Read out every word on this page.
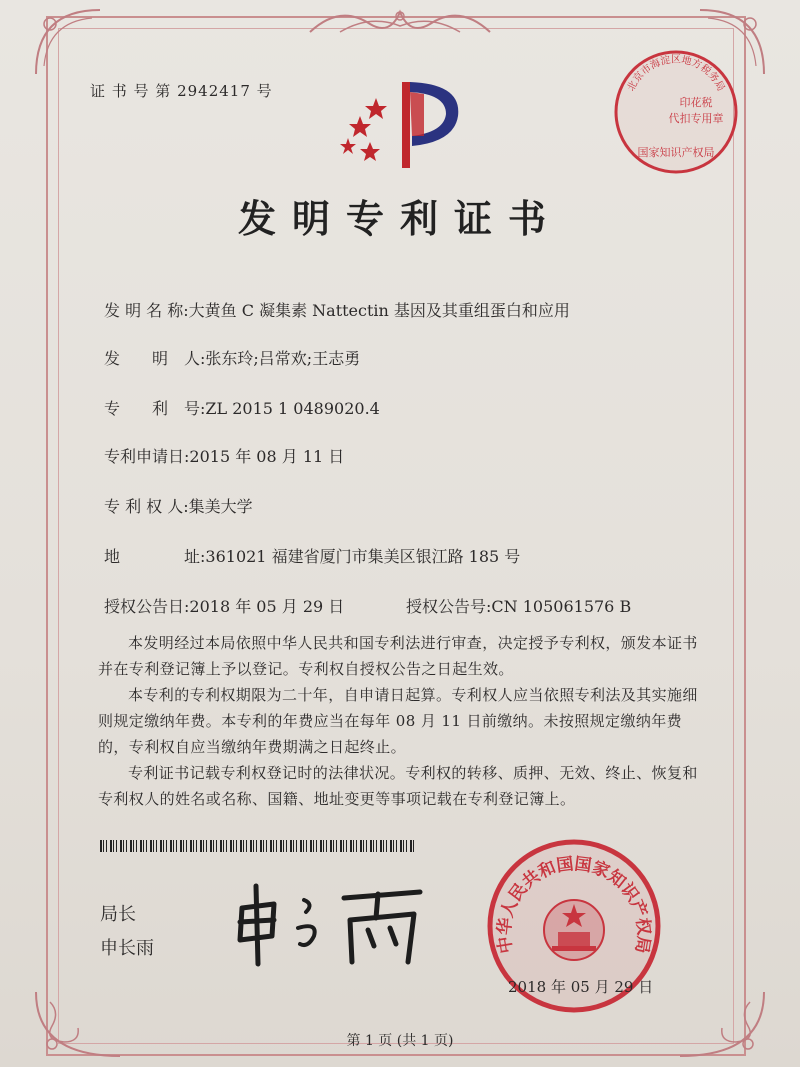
证 书 号 第 2942417 号
发明专利证书
发 明 名 称:大黄鱼 C 凝集素 Nattectin 基因及其重组蛋白和应用
发　　明　人:张东玲;吕常欢;王志勇
专　　利　号:ZL 2015 1 0489020.4
专利申请日:2015 年 08 月 11 日
专 利 权 人:集美大学
地　　　　址:361021 福建省厦门市集美区银江路 185 号
授权公告日:2018 年 05 月 29 日	授权公告号:CN 105061576 B

本发明经过本局依照中华人民共和国专利法进行审查，决定授予专利权，颁发本证书并在专利登记簿上予以登记。专利权自授权公告之日起生效。

本专利的专利权期限为二十年，自申请日起算。专利权人应当依照专利法及其实施细则规定缴纳年费。本专利的年费应当在每年 08 月 11 日前缴纳。未按照规定缴纳年费的，专利权自应当缴纳年费期满之日起终止。

专利证书记载专利权登记时的法律状况。专利权的转移、质押、无效、终止、恢复和专利权人的姓名或名称、国籍、地址变更等事项记载在专利登记簿上。

局长
申长雨	中华人民共和国国家知识产权局
2018 年 05 月 29 日
北京市海淀区地方税务局
印花税
代扣专用章
国家知识产权局
第 1 页 (共 1 页)
